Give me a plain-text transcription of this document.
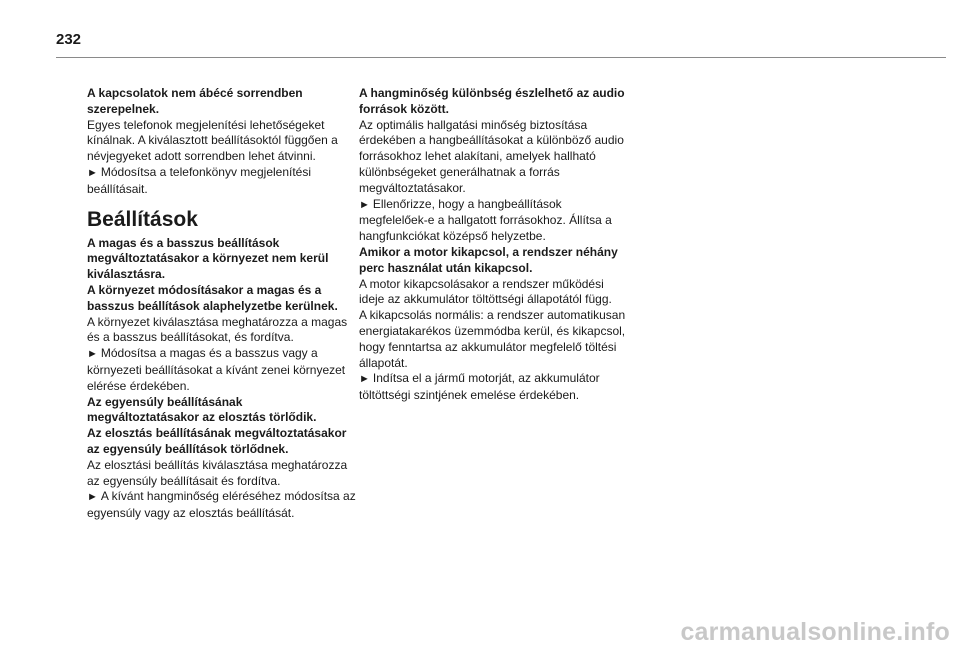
232

A kapcsolatok nem ábécé sorrendben szerepelnek.

Egyes telefonok megjelenítési lehetőségeket kínálnak. A kiválasztott beállításoktól függően a névjegyeket adott sorrendben lehet átvinni.

► Módosítsa a telefonkönyv megjelenítési beállításait.

Beállítások

A magas és a basszus beállítások megváltoztatásakor a környezet nem kerül kiválasztásra.

A környezet módosításakor a magas és a basszus beállítások alaphelyzetbe kerülnek.

A környezet kiválasztása meghatározza a magas és a basszus beállításokat, és fordítva.

► Módosítsa a magas és a basszus vagy a környezeti beállításokat a kívánt zenei környezet elérése érdekében.

Az egyensúly beállításának megváltoztatásakor az elosztás törlődik.

Az elosztás beállításának megváltoztatásakor az egyensúly beállítások törlődnek.

Az elosztási beállítás kiválasztása meghatározza az egyensúly beállításait és fordítva.

► A kívánt hangminőség eléréséhez módosítsa az egyensúly vagy az elosztás beállítását.

A hangminőség különbség észlelhető az audio források között.

Az optimális hallgatási minőség biztosítása érdekében a hangbeállításokat a különböző audio forrásokhoz lehet alakítani, amelyek hallható különbségeket generálhatnak a forrás megváltoztatásakor.

► Ellenőrizze, hogy a hangbeállítások megfelelőek-e a hallgatott forrásokhoz. Állítsa a hangfunkciókat középső helyzetbe.

Amikor a motor kikapcsol, a rendszer néhány perc használat után kikapcsol.

A motor kikapcsolásakor a rendszer működési ideje az akkumulátor töltöttségi állapotától függ.

A kikapcsolás normális: a rendszer automatikusan energiatakarékos üzemmódba kerül, és kikapcsol, hogy fenntartsa az akkumulátor megfelelő töltési állapotát.

► Indítsa el a jármű motorját, az akkumulátor töltöttségi szintjének emelése érdekében.

carmanualsonline.info
